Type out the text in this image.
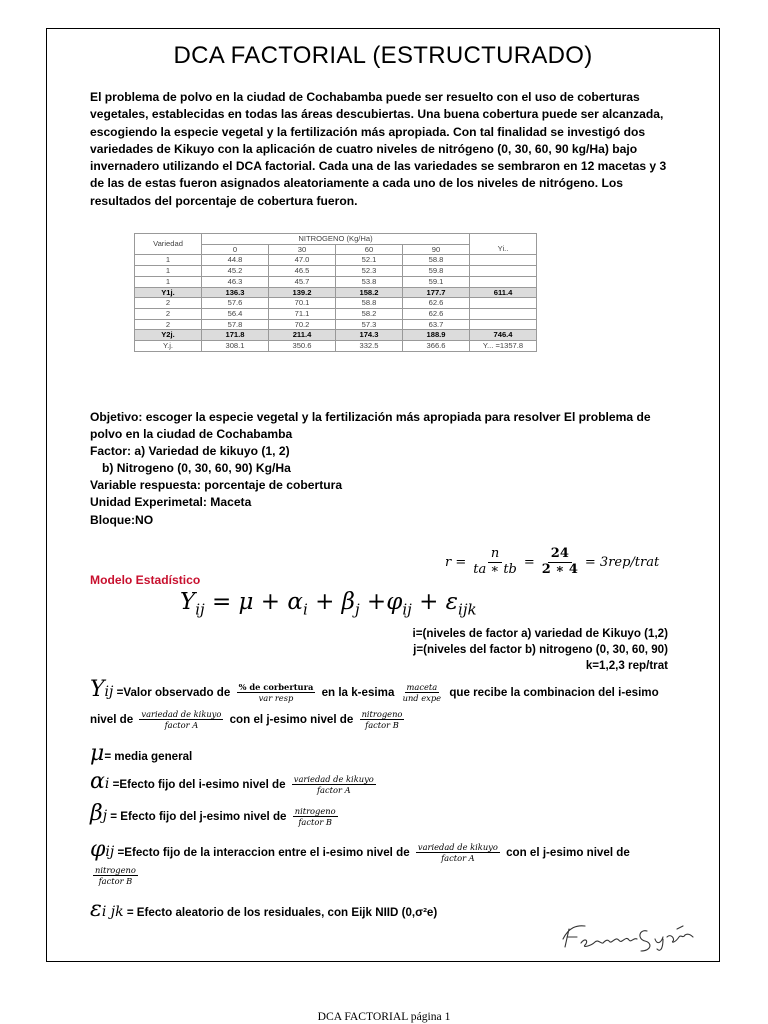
DCA FACTORIAL (ESTRUCTURADO)
El problema de polvo en la ciudad de Cochabamba puede ser resuelto con el uso de coberturas
vegetales, establecidas en todas las áreas descubiertas. Una buena cobertura puede ser alcanzada,
escogiendo la especie vegetal y la fertilización más apropiada. Con tal finalidad se investigó dos
variedades de Kikuyo con la aplicación de cuatro niveles de nitrógeno (0, 30, 60, 90 kg/Ha) bajo
invernadero utilizando el DCA factorial. Cada una de las variedades se sembraron en 12 macetas y 3
de las de estas fueron asignados aleatoriamente a cada uno de los niveles de nitrógeno. Los
resultados del porcentaje de cobertura fueron.
Variedad	NITROGENO (Kg/Ha)				
	0	30	60	90	Yi..
1	44.8	47.0	52.1	58.8	
1	45.2	46.5	52.3	59.8	
1	46.3	45.7	53.8	59.1	
Y1j.	136.3	139.2	158.2	177.7	611.4
2	57.6	70.1	58.8	62.6	
2	56.4	71.1	58.2	62.6	
2	57.8	70.2	57.3	63.7	
Y2j.	171.8	211.4	174.3	188.9	746.4
Y.j.	308.1	350.6	332.5	366.6	Y... =1357.8
Objetivo: escoger la especie vegetal y la fertilización más apropiada para resolver El problema de
polvo en la ciudad de Cochabamba
Factor: a) Variedad de kikuyo (1, 2)
b) Nitrogeno (0, 30, 60, 90) Kg/Ha
Variable respuesta: porcentaje de cobertura
Unidad Experimetal: Maceta
Bloque:NO
$r = \frac{n}{ta ∗ tb} = \frac{24}{2 ∗ 4}$ = 3rep/trat
Modelo Estadístico
$Y_{ij} = \mu + \alpha_i + \beta_j +\varphi_{ij} + \varepsilon_{ijk}$
i=(niveles de factor a) variedad de Kikuyo (1,2)
j=(niveles del factor b) nitrogeno (0, 30, 60, 90)
k=1,2,3 rep/trat
Yij =Valor observado de $\frac{\text{\% de corbertura}}{\text{var resp}}$ en la k-esima $\frac{\text{maceta}}{\text{und expe}}$ que recibe la combinacion del i-esimo
nivel de $\frac{\text{variedad de kikuyo}}{\text{factor A}}$ con el j-esimo nivel de $\frac{\text{nitrogeno}}{\text{factor B}}$
μ= media general
αi =Efecto fijo del i-esimo nivel de $\frac{\text{variedad de kikuyo}}{\text{factor A}}$
βj = Efecto fijo del j-esimo nivel de $\frac{\text{nitrogeno}}{\text{factor B}}$
φij =Efecto fijo de la interaccion entre el i-esimo nivel de $\frac{\text{variedad de kikuyo}}{\text{factor A}}$ con el j-esimo nivel de
$\frac{\text{nitrogeno}}{\text{factor B}}$
εi jk = Efecto aleatorio de los residuales, con Eijk NIID (0,σ²e)
DCA FACTORIAL página 1
